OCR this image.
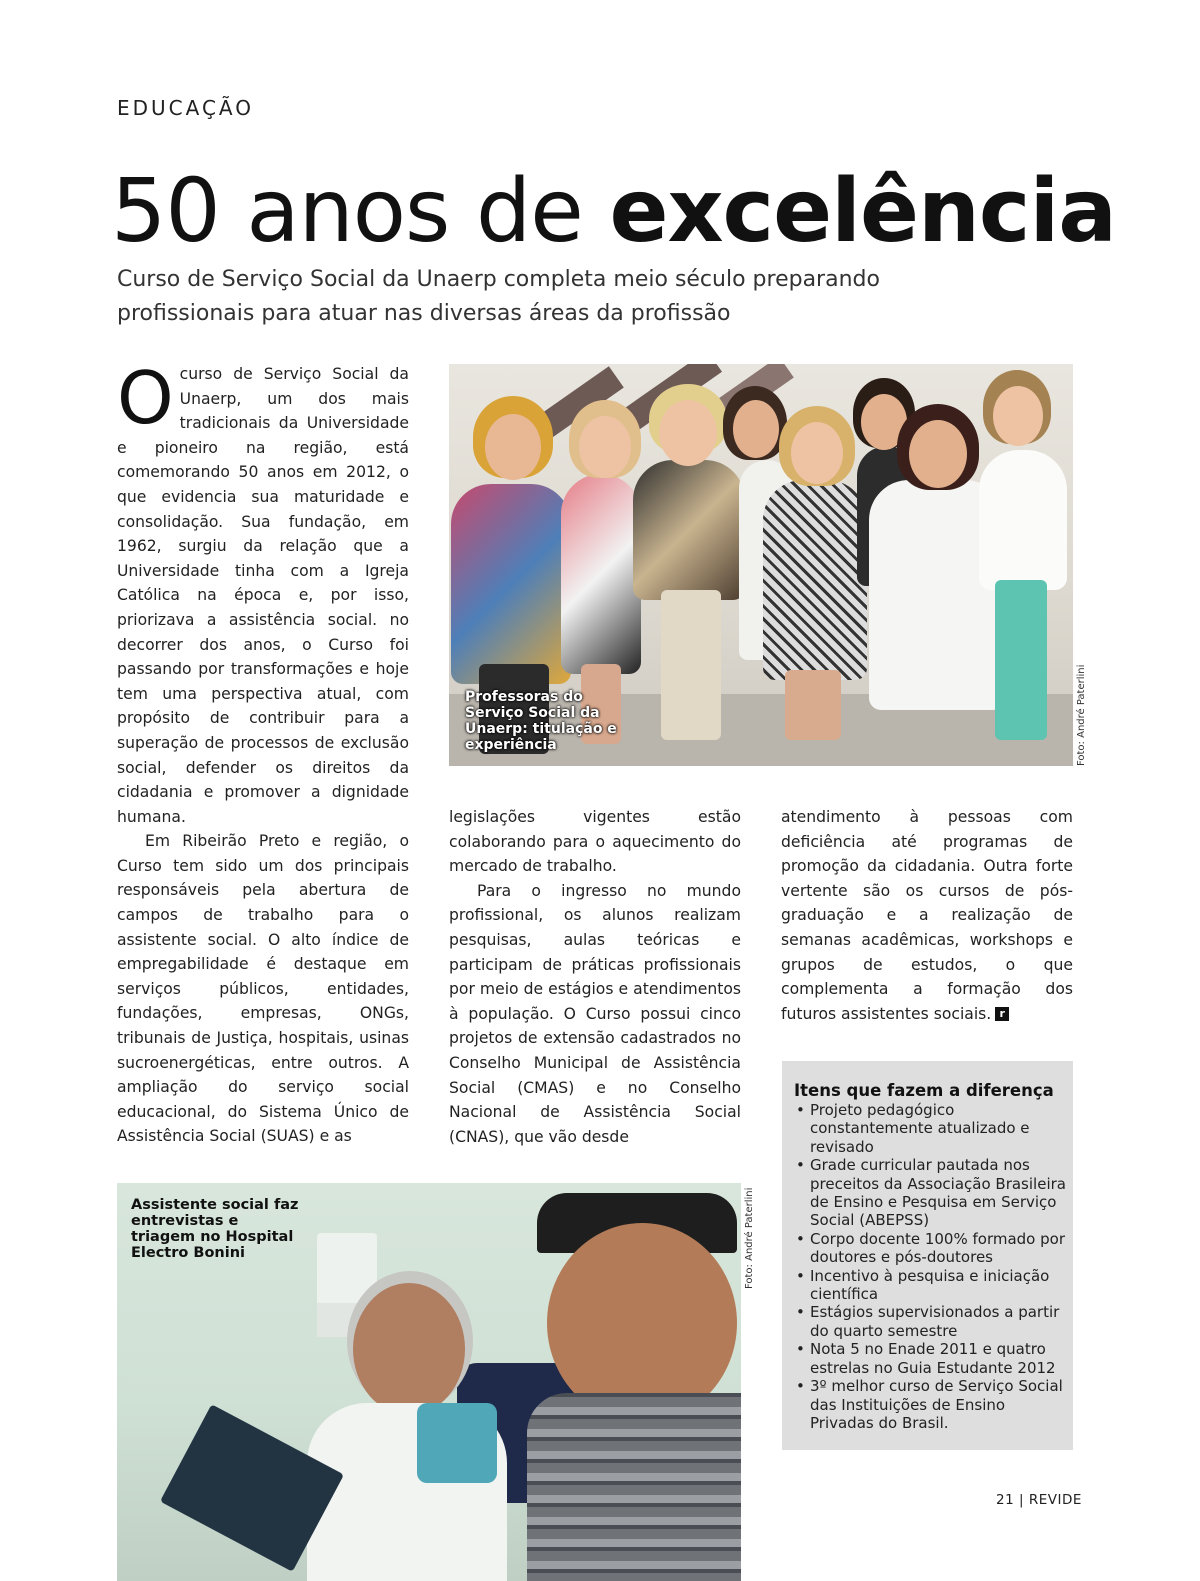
EDUCAÇÃO
50 anos de excelência
Curso de Serviço Social da Unaerp completa meio século preparando profissionais para atuar nas diversas áreas da profissão

Ocurso de Serviço Social da Unaerp, um dos mais tradicionais da Universidade e pioneiro na região, está comemorando 50 anos em 2012, o que evidencia sua maturidade e consolidação. Sua fundação, em 1962, surgiu da relação que a Universidade tinha com a Igreja Católica na época e, por isso, priorizava a assistência social. no decorrer dos anos, o Curso foi passando por transformações e hoje tem uma perspectiva atual, com propósito de contribuir para a superação de processos de exclusão social, defender os direitos da cidadania e promover a dignidade humana.

Em Ribeirão Preto e região, o Curso tem sido um dos principais responsáveis pela abertura de campos de trabalho para o assistente social. O alto índice de empregabilidade é destaque em serviços públicos, entidades, fundações, empresas, ONGs, tribunais de Justiça, hospitais, usinas sucroenergéticas, entre outros. A ampliação do serviço social educacional, do Sistema Único de Assistência Social (SUAS) e as

Professoras do Serviço Social da Unaerp: titulação e experiência	Foto: André Paterlini

legislações vigentes estão colaborando para o aquecimento do mercado de trabalho.

Para o ingresso no mundo profissional, os alunos realizam pesquisas, aulas teóricas e participam de práticas profissionais por meio de estágios e atendimentos à população. O Curso possui cinco projetos de extensão cadastrados no Conselho Municipal de Assistência Social (CMAS) e no Conselho Nacional de Assistência Social (CNAS), que vão desde

atendimento à pessoas com deficiência até programas de promoção da cidadania. Outra forte vertente são os cursos de pós-graduação e a realização de semanas acadêmicas, workshops e grupos de estudos, o que complementa a formação dos futuros assistentes sociais. r

Itens que fazem a diferença
• Projeto pedagógico constantemente atualizado e revisado
• Grade curricular pautada nos preceitos da Associação Brasileira de Ensino e Pesquisa em Serviço Social (ABEPSS)
• Corpo docente 100% formado por doutores e pós-doutores
• Incentivo à pesquisa e iniciação científica
• Estágios supervisionados a partir do quarto semestre
• Nota 5 no Enade 2011 e quatro estrelas no Guia Estudante 2012
• 3º melhor curso de Serviço Social das Instituições de Ensino Privadas do Brasil.
Assistente social faz entrevistas e triagem no Hospital Electro Bonini	Foto: André Paterlini
21 | REVIDE
